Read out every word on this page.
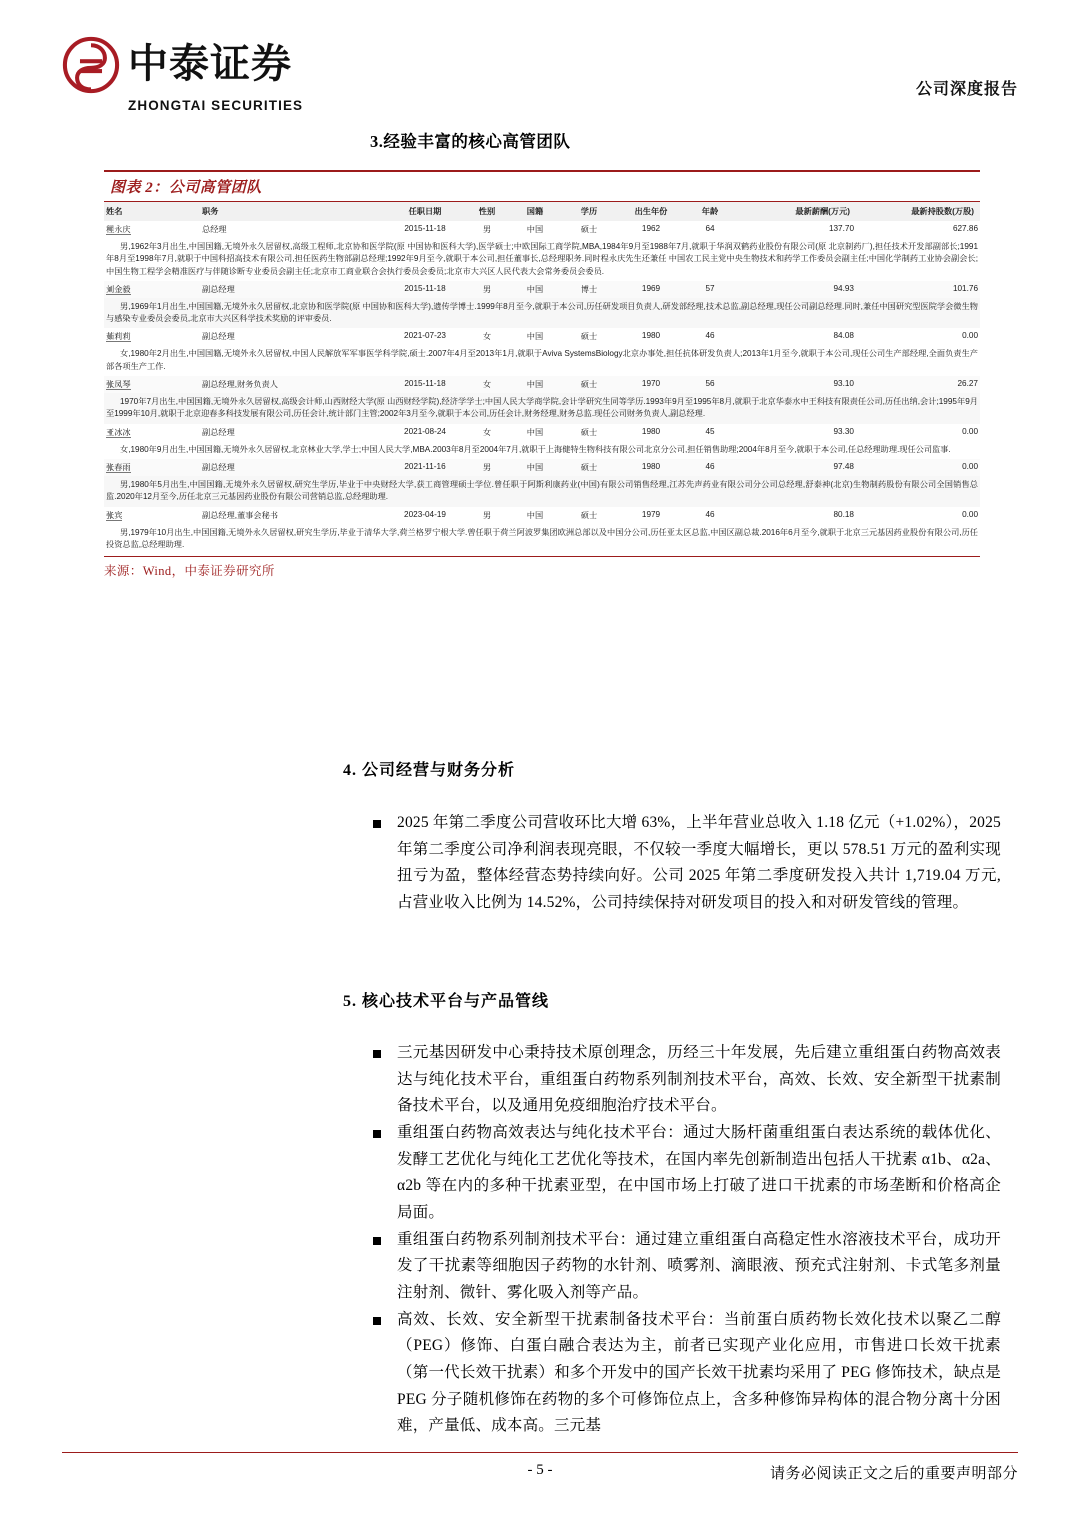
中泰证券
ZHONGTAI SECURITIES
公司深度报告
3.经验丰富的核心高管团队
图表 2：公司高管团队
姓名	职务	任职日期	性别	国籍	学历	出生年份	年龄	最新薪酬(万元)	最新持股数(万股)

程永庆	总经理	2015-11-18	男	中国	硕士	1962	64	137.70	627.86
男,1962年3月出生,中国国籍,无境外永久居留权,高级工程师,北京协和医学院(原 中国协和医科大学),医学硕士;中欧国际工商学院,MBA,1984年9月至1988年7月,就职于华润双鹤药业股份有限公司(原 北京制药厂),担任技术开发部副部长;1991年8月至1998年7月,就职于中国科招高技术有限公司,担任医药生物部副总经理;1992年9月至今,就职于本公司,担任董事长,总经理职务.同时程永庆先生还兼任 中国农工民主党中央生物技术和药学工作委员会副主任;中国化学制药工业协会副会长;中国生物工程学会精准医疗与伴随诊断专业委员会副主任;北京市工商业联合会执行委员会委员;北京市大兴区人民代表大会常务委员会委员.									

刘金毅	副总经理	2015-11-18	男	中国	博士	1969	57	94.93	101.76
男,1969年1月出生,中国国籍,无境外永久居留权,北京协和医学院(原 中国协和医科大学),遗传学博士.1999年8月至今,就职于本公司,历任研发项目负责人,研发部经理,技术总监,副总经理,现任公司副总经理.同时,兼任中国研究型医院学会微生物与感染专业委员会委员,北京市大兴区科学技术奖励的评审委员.									

茹莉莉	副总经理	2021-07-23	女	中国	硕士	1980	46	84.08	0.00
女,1980年2月出生,中国国籍,无境外永久居留权,中国人民解放军军事医学科学院,硕士.2007年4月至2013年1月,就职于Aviva SystemsBiology北京办事处,担任抗体研发负责人;2013年1月至今,就职于本公司,现任公司生产部经理,全面负责生产部各项生产工作.									

张凤琴	副总经理,财务负责人	2015-11-18	女	中国	硕士	1970	56	93.10	26.27
1970年7月出生,中国国籍,无境外永久居留权,高级会计师,山西财经大学(原 山西财经学院),经济学学士;中国人民大学商学院,会计学研究生同等学历.1993年9月至1995年8月,就职于北京华泰水中王科技有限责任公司,历任出纳,会计;1995年9月至1999年10月,就职于北京迎春多科技发展有限公司,历任会计,统计部门主管;2002年3月至今,就职于本公司,历任会计,财务经理,财务总监.现任公司财务负责人,副总经理.									

王冰冰	副总经理	2021-08-24	女	中国	硕士	1980	45	93.30	0.00
女,1980年9月出生,中国国籍,无境外永久居留权,北京林业大学,学士;中国人民大学,MBA.2003年8月至2004年7月,就职于上海健特生物科技有限公司北京分公司,担任销售助理;2004年8月至今,就职于本公司,任总经理助理.现任公司监事.									

张春雨	副总经理	2021-11-16	男	中国	硕士	1980	46	97.48	0.00
男,1980年5月出生,中国国籍,无境外永久居留权,研究生学历,毕业于中央财经大学,获工商管理硕士学位.曾任职于阿斯利康药业(中国)有限公司销售经理,江苏先声药业有限公司分公司总经理,舒泰神(北京)生物制药股份有限公司全国销售总监.2020年12月至今,历任北京三元基因药业股份有限公司营销总监,总经理助理.									

张宾	副总经理,董事会秘书	2023-04-19	男	中国	硕士	1979	46	80.18	0.00
男,1979年10月出生,中国国籍,无境外永久居留权,研究生学历,毕业于清华大学,荷兰格罗宁根大学.曾任职于荷兰阿波罗集团欧洲总部以及中国分公司,历任亚太区总监,中国区副总裁.2016年6月至今,就职于北京三元基因药业股份有限公司,历任投资总监,总经理助理.									
来源：Wind，中泰证券研究所
4. 公司经营与财务分析
2025 年第二季度公司营收环比大增 63%，上半年营业总收入 1.18 亿元（+1.02%），2025 年第二季度公司净利润表现亮眼，不仅较一季度大幅增长，更以 578.51 万元的盈利实现扭亏为盈，整体经营态势持续向好。公司 2025 年第二季度研发投入共计 1,719.04 万元, 占营业收入比例为 14.52%，公司持续保持对研发项目的投入和对研发管线的管理。
5. 核心技术平台与产品管线
三元基因研发中心秉持技术原创理念，历经三十年发展，先后建立重组蛋白药物高效表达与纯化技术平台，重组蛋白药物系列制剂技术平台，高效、长效、安全新型干扰素制备技术平台，以及通用免疫细胞治疗技术平台。
重组蛋白药物高效表达与纯化技术平台：通过大肠杆菌重组蛋白表达系统的载体优化、发酵工艺优化与纯化工艺优化等技术，在国内率先创新制造出包括人干扰素 α1b、α2a、α2b 等在内的多种干扰素亚型，在中国市场上打破了进口干扰素的市场垄断和价格高企局面。
重组蛋白药物系列制剂技术平台：通过建立重组蛋白高稳定性水溶液技术平台，成功开发了干扰素等细胞因子药物的水针剂、喷雾剂、滴眼液、预充式注射剂、卡式笔多剂量注射剂、微针、雾化吸入剂等产品。
高效、长效、安全新型干扰素制备技术平台：当前蛋白质药物长效化技术以聚乙二醇（PEG）修饰、白蛋白融合表达为主，前者已实现产业化应用，市售进口长效干扰素（第一代长效干扰素）和多个开发中的国产长效干扰素均采用了 PEG 修饰技术，缺点是 PEG 分子随机修饰在药物的多个可修饰位点上，含多种修饰异构体的混合物分离十分困难，产量低、成本高。三元基
- 5 -	请务必阅读正文之后的重要声明部分
